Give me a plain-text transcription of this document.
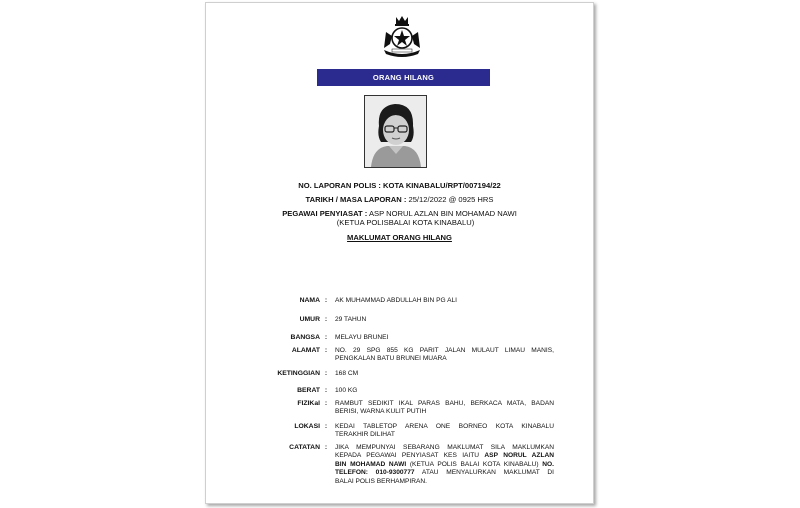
ORANG HILANG
NO. LAPORAN POLIS : KOTA KINABALU/RPT/007194/22
TARIKH / MASA LAPORAN : 25/12/2022 @ 0925 HRS
PEGAWAI PENYIASAT : ASP NORUL AZLAN BIN MOHAMAD NAWI
(KETUA POLISBALAI KOTA KINABALU)
MAKLUMAT ORANG HILANG
NAMA : AK MUHAMMAD ABDULLAH BIN PG ALI
UMUR : 29 TAHUN
BANGSA : MELAYU BRUNEI
ALAMAT : NO. 29 SPG 855 KG PARIT JALAN MULAUT LIMAU MANIS,
PENGKALAN BATU BRUNEI MUARA
KETINGGIAN : 168 CM
BERAT : 100 KG
FIZIKal : RAMBUT SEDIKIT IKAL PARAS BAHU, BERKACA MATA, BADAN
BERISI, WARNA KULIT PUTIH
LOKASI : KEDAI TABLETOP ARENA ONE BORNEO KOTA KINABALU
TERAKHIR DILIHAT
CATATAN : JIKA MEMPUNYAI SEBARANG MAKLUMAT SILA MAKLUMKAN
KEPADA PEGAWAI PENYIASAT KES IAITU ASP NORUL AZLAN
BIN MOHAMAD NAWI (KETUA POLIS BALAI KOTA KINABALU) NO.
TELEFON: 010-9300777 ATAU MENYALURKAN MAKLUMAT DI
BALAI POLIS BERHAMPIRAN.
